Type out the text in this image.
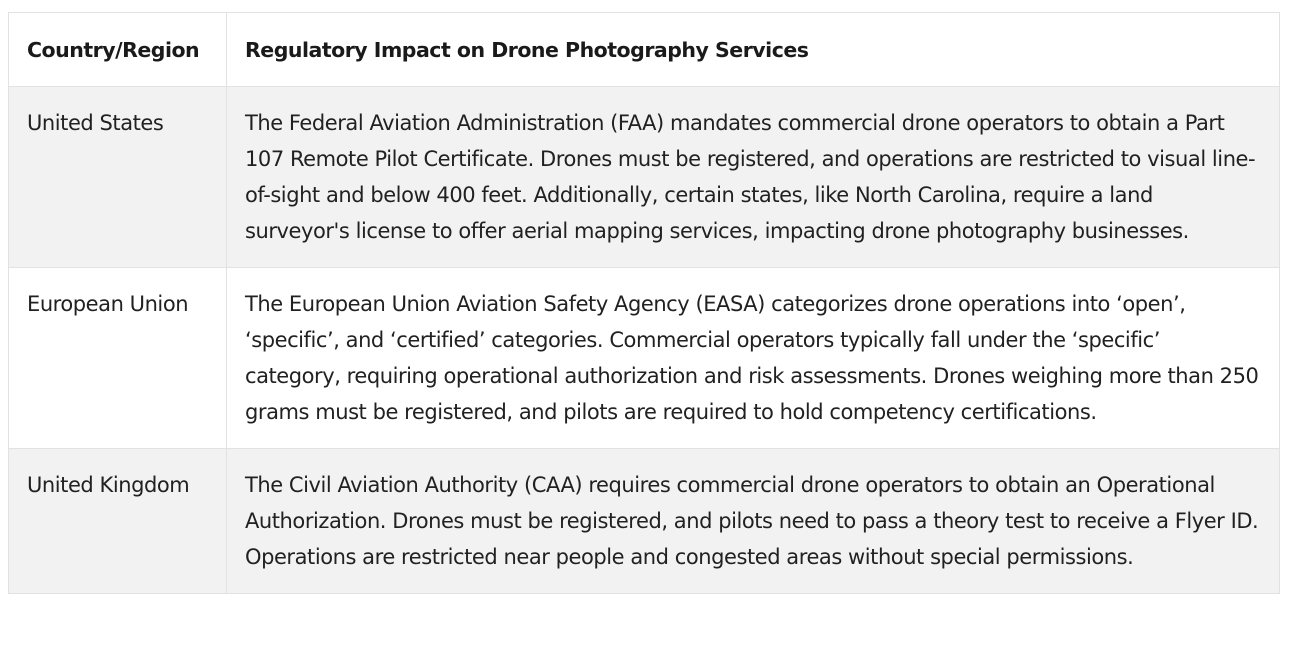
Country/Region	Regulatory Impact on Drone Photography Services
United States	The Federal Aviation Administration (FAA) mandates commercial drone operators to obtain a Part 107 Remote Pilot Certificate. Drones must be registered, and operations are restricted to visual line-of-sight and below 400 feet. Additionally, certain states, like North Carolina, require a land surveyor's license to offer aerial mapping services, impacting drone photography businesses.
European Union	The European Union Aviation Safety Agency (EASA) categorizes drone operations into ‘open’, ‘specific’, and ‘certified’ categories. Commercial operators typically fall under the ‘specific’ category, requiring operational authorization and risk assessments. Drones weighing more than 250 grams must be registered, and pilots are required to hold competency certifications.
United Kingdom	The Civil Aviation Authority (CAA) requires commercial drone operators to obtain an Operational Authorization. Drones must be registered, and pilots need to pass a theory test to receive a Flyer ID. Operations are restricted near people and congested areas without special permissions.
